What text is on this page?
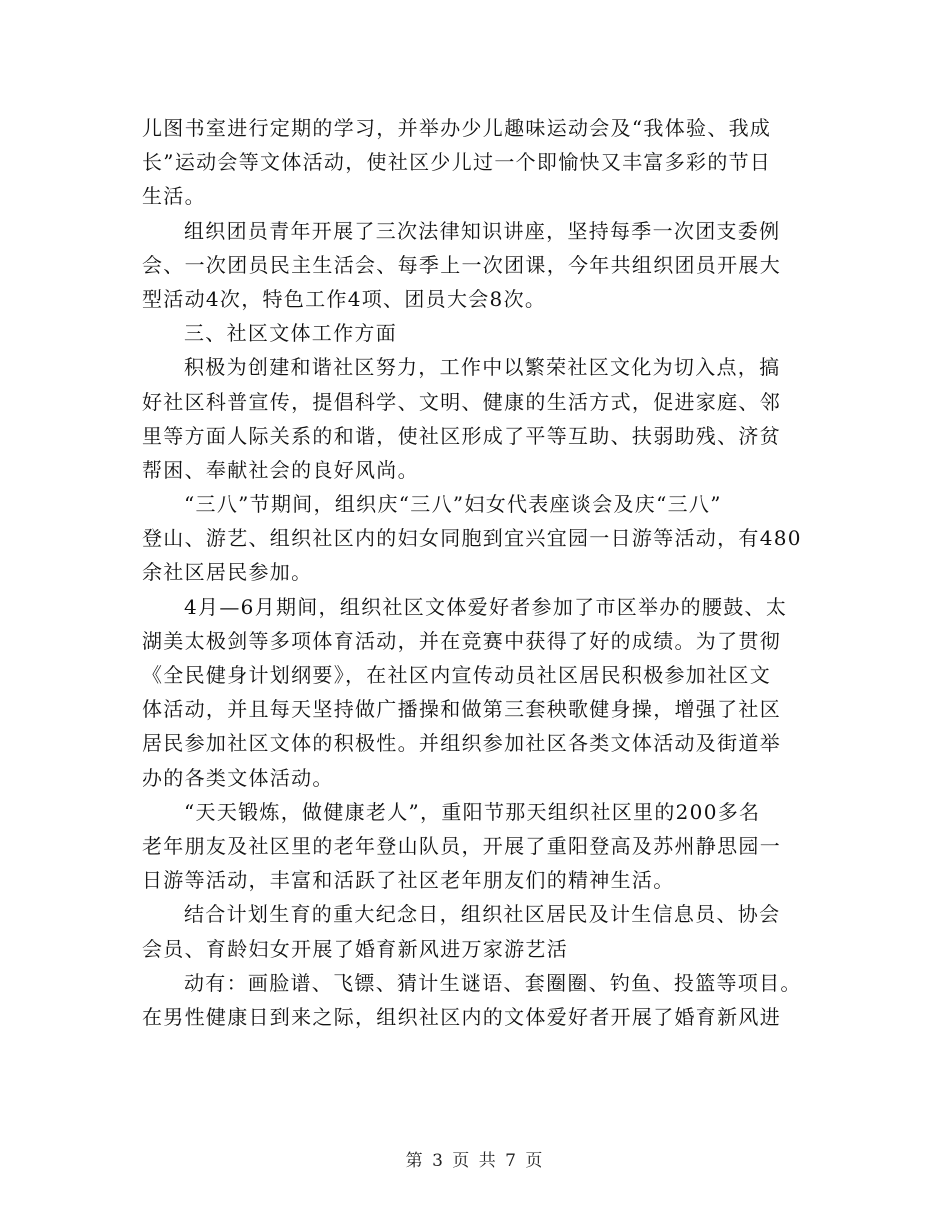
儿图书室进行定期的学习，并举办少儿趣味运动会及“我体验、我成
长”运动会等文体活动，使社区少儿过一个即愉快又丰富多彩的节日
生活。
组织团员青年开展了三次法律知识讲座，坚持每季一次团支委例
会、一次团员民主生活会、每季上一次团课，今年共组织团员开展大
型活动4次，特色工作4项、团员大会8次。
三、社区文体工作方面
积极为创建和谐社区努力，工作中以繁荣社区文化为切入点，搞
好社区科普宣传，提倡科学、文明、健康的生活方式，促进家庭、邻
里等方面人际关系的和谐，使社区形成了平等互助、扶弱助残、济贫
帮困、奉献社会的良好风尚。
“三八”节期间，组织庆“三八”妇女代表座谈会及庆“三八”
登山、游艺、组织社区内的妇女同胞到宜兴宜园一日游等活动，有480
余社区居民参加。
4月—6月期间，组织社区文体爱好者参加了市区举办的腰鼓、太
湖美太极剑等多项体育活动，并在竞赛中获得了好的成绩。为了贯彻
《全民健身计划纲要》，在社区内宣传动员社区居民积极参加社区文
体活动，并且每天坚持做广播操和做第三套秧歌健身操，增强了社区
居民参加社区文体的积极性。并组织参加社区各类文体活动及街道举
办的各类文体活动。
“天天锻炼，做健康老人”，重阳节那天组织社区里的200多名
老年朋友及社区里的老年登山队员，开展了重阳登高及苏州静思园一
日游等活动，丰富和活跃了社区老年朋友们的精神生活。
结合计划生育的重大纪念日，组织社区居民及计生信息员、协会
会员、育龄妇女开展了婚育新风进万家游艺活
动有：画脸谱、飞镖、猜计生谜语、套圈圈、钓鱼、投篮等项目。
在男性健康日到来之际，组织社区内的文体爱好者开展了婚育新风进
第 3 页 共 7 页
